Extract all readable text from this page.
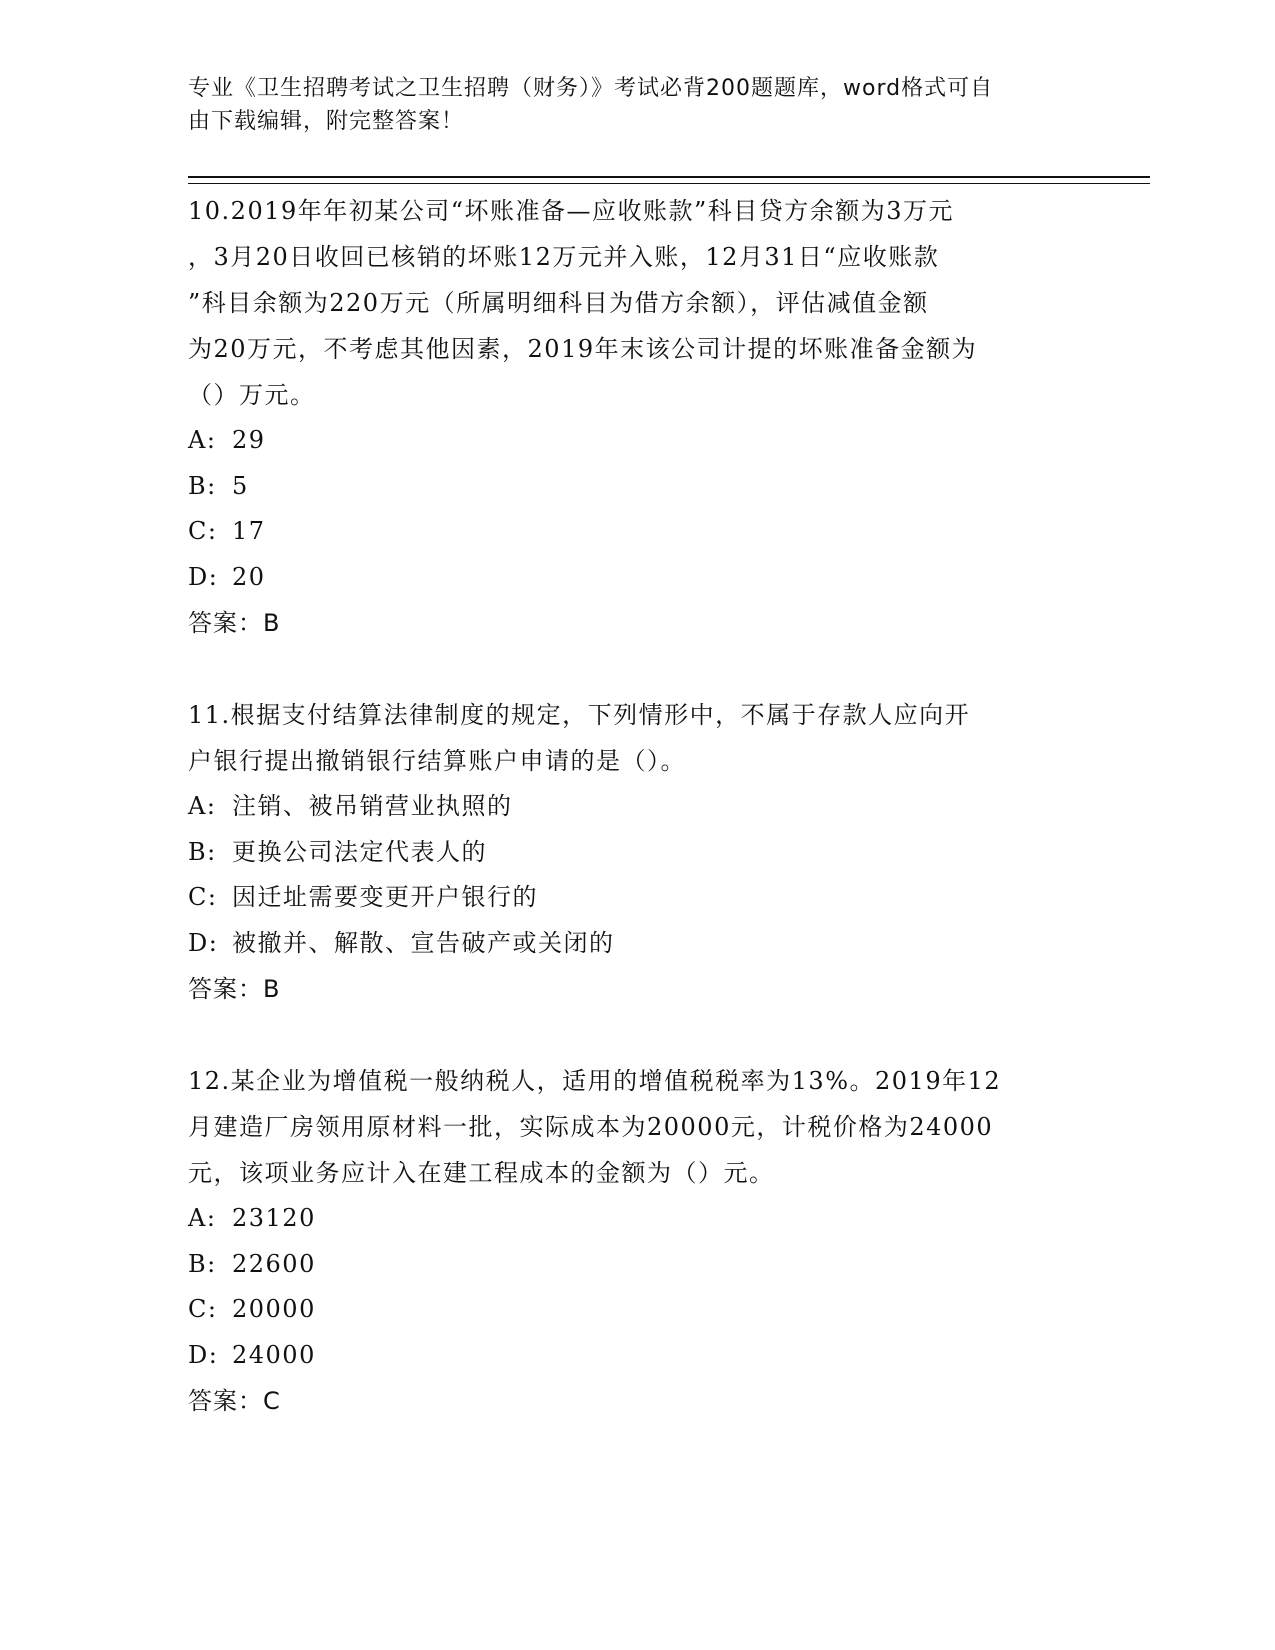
专业《卫生招聘考试之卫生招聘（财务）》考试必背200题题库，word格式可自
由下载编辑，附完整答案！
10.2019年年初某公司“坏账准备—应收账款”科目贷方余额为3万元
，3月20日收回已核销的坏账12万元并入账，12月31日“应收账款
”科目余额为220万元（所属明细科目为借方余额），评估减值金额
为20万元，不考虑其他因素，2019年末该公司计提的坏账准备金额为
（）万元。
A: 29
B: 5
C: 17
D: 20
答案：B
11.根据支付结算法律制度的规定，下列情形中，不属于存款人应向开
户银行提出撤销银行结算账户申请的是（）。
A: 注销、被吊销营业执照的
B: 更换公司法定代表人的
C: 因迁址需要变更开户银行的
D: 被撤并、解散、宣告破产或关闭的
答案：B
12.某企业为增值税一般纳税人，适用的增值税税率为13%。2019年12
月建造厂房领用原材料一批，实际成本为20000元，计税价格为24000
元，该项业务应计入在建工程成本的金额为（）元。
A: 23120
B: 22600
C: 20000
D: 24000
答案：C
